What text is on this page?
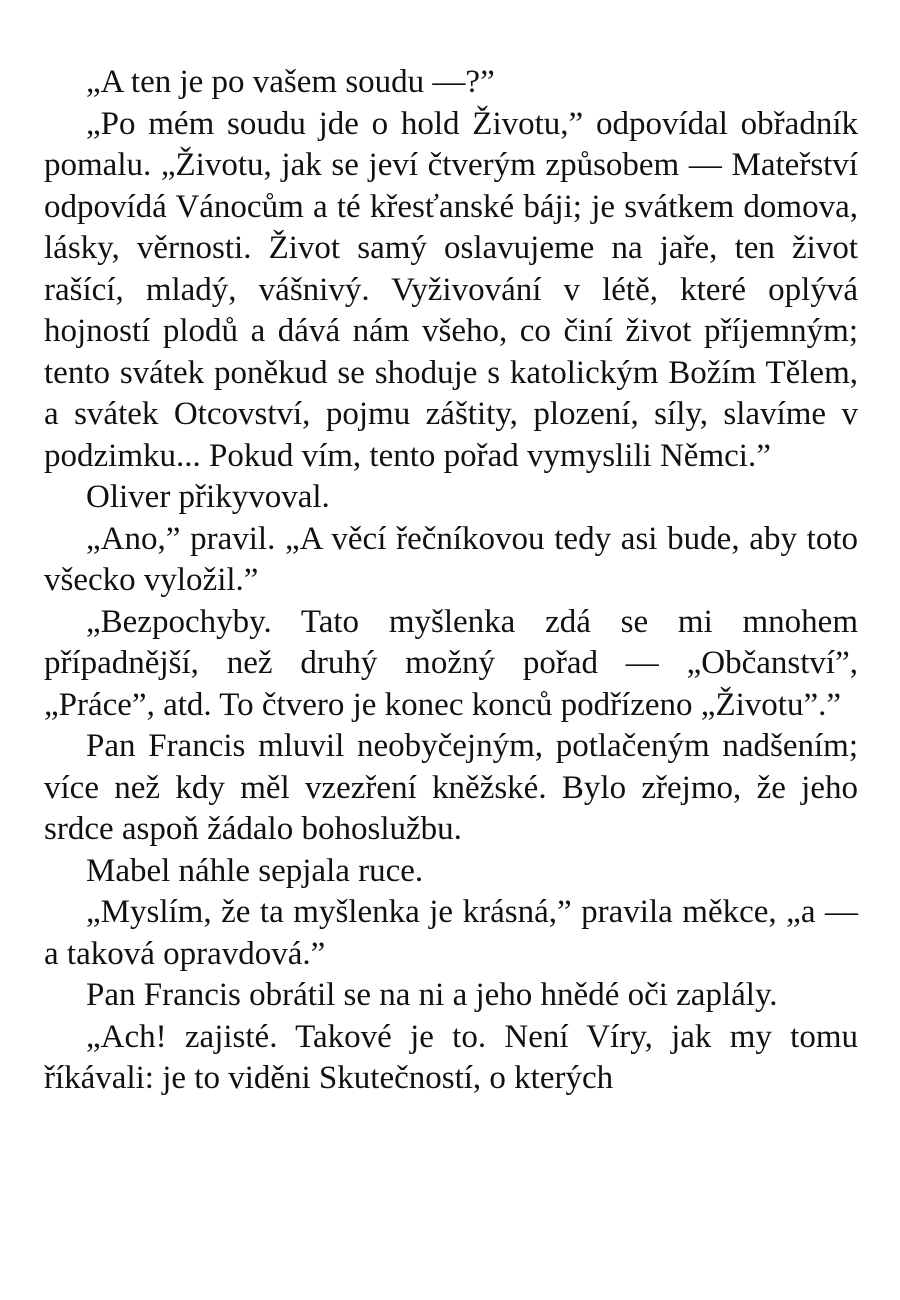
„A ten je po vašem soudu —?”

„Po mém soudu jde o hold Životu,” odpovídal obřadník pomalu. „Životu, jak se jeví čtverým způsobem — Mateřství odpovídá Vánocům a té křesťanské báji; je svátkem domova, lásky, věrnosti. Život samý oslavujeme na jaře, ten život rašící, mladý, vášnivý. Vyživování v létě, které oplývá hojností plodů a dává nám všeho, co činí život příjemným; tento svátek poněkud se shoduje s katolickým Božím Tělem, a svátek Otcovství, pojmu záštity, plození, síly, slavíme v podzimku... Pokud vím, tento pořad vymyslili Němci.”

Oliver přikyvoval.

„Ano,” pravil. „A věcí řečníkovou tedy asi bude, aby toto všecko vyložil.”

„Bezpochyby. Tato myšlenka zdá se mi mnohem případnější, než druhý možný pořad — „Občanství”, „Práce”, atd. To čtvero je konec konců podřízeno „Životu”.”

Pan Francis mluvil neobyčejným, potlačeným nadšením; více než kdy měl vzezření kněžské. Bylo zřejmo, že jeho srdce aspoň žádalo bohoslužbu.

Mabel náhle sepjala ruce.

„Myslím, že ta myšlenka je krásná,” pravila měkce, „a — a taková opravdová.”

Pan Francis obrátil se na ni a jeho hnědé oči zaplály.

„Ach! zajisté. Takové je to. Není Víry, jak my tomu říkávali: je to viděni Skutečností, o kterých
